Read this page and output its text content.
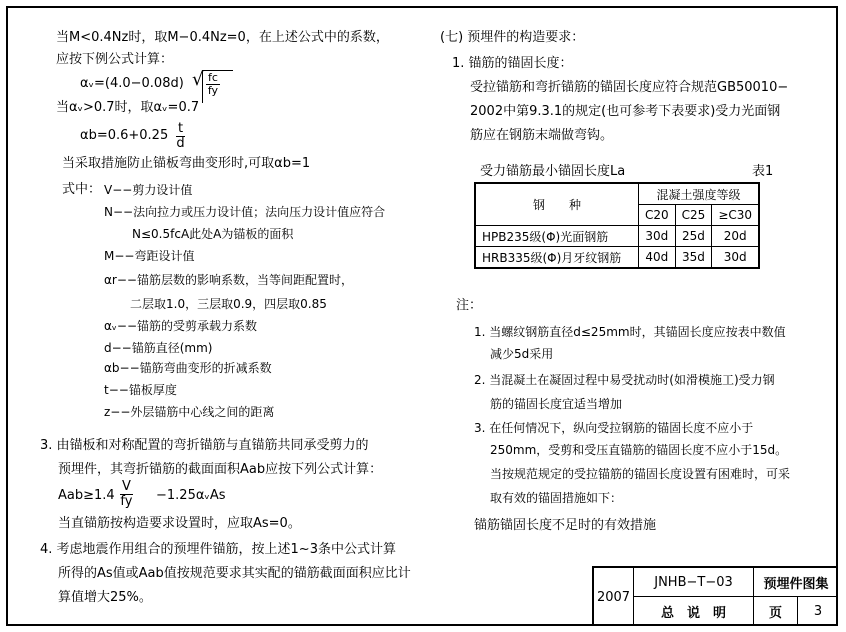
当M<0.4Nz时，取M−0.4Nz=0，在上述公式中的系数，
应按下例公式计算：
αᵥ=(4.0−0.08d) √ $\frac{fc}{fy}$
当αᵥ>0.7时，取αᵥ=0.7
$\alpha b=0.6+0.25 \frac{t}{d}$
当采取措施防止锚板弯曲变形时,可取αb=1
式中： V−−剪力设计值
N−−法向拉力或压力设计值；法向压力设计值应符合
N≤0.5fcA此处A为锚板的面积
M−−弯距设计值
αr−−锚筋层数的影响系数，当等间距配置时，
二层取1.0，三层取0.9，四层取0.85
αᵥ−−锚筋的受剪承载力系数
d−−锚筋直径(mm)
αb−−锚筋弯曲变形的折减系数
t−−锚板厚度
z−−外层锚筋中心线之间的距离
3. 由锚板和对称配置的弯折锚筋与直锚筋共同承受剪力的
预埋件，其弯折锚筋的截面面积Aab应按下列公式计算：
$Aab\ge 1.4 \frac{V}{fy}$ −1.25αᵥAs
当直锚筋按构造要求设置时，应取As=0。
4. 考虑地震作用组合的预埋件锚筋，按上述1~3条中公式计算
所得的As值或Aab值按规范要求其实配的锚筋截面面积应比计
算值增大25%。
(七) 预埋件的构造要求：
1. 锚筋的锚固长度：
受拉锚筋和弯折锚筋的锚固长度应符合规范GB50010−
2002中第9.3.1的规定(也可参考下表要求)受力光面钢
筋应在钢筋末端做弯钩。
受力锚筋最小锚固长度La	表1
钢　　种	混凝土强度等级		
	C20	C25	≥C30
HPB235级(Φ)光面钢筋	30d	25d	20d
HRB335级(Φ)月牙纹钢筋	40d	35d	30d
注：
1. 当螺纹钢筋直径d≤25mm时，其锚固长度应按表中数值
减少5d采用
2. 当混凝土在凝固过程中易受扰动时(如滑模施工)受力钢
筋的锚固长度宜适当增加
3. 在任何情况下，纵向受拉钢筋的锚固长度不应小于
250mm，受剪和受压直锚筋的锚固长度不应小于15d。
当按规范规定的受拉锚筋的锚固长度设置有困难时，可采
取有效的锚固措施如下：
锚筋锚固长度不足时的有效措施
2007
JNHB−T−03
总　说　明
预埋件图集
页	3
